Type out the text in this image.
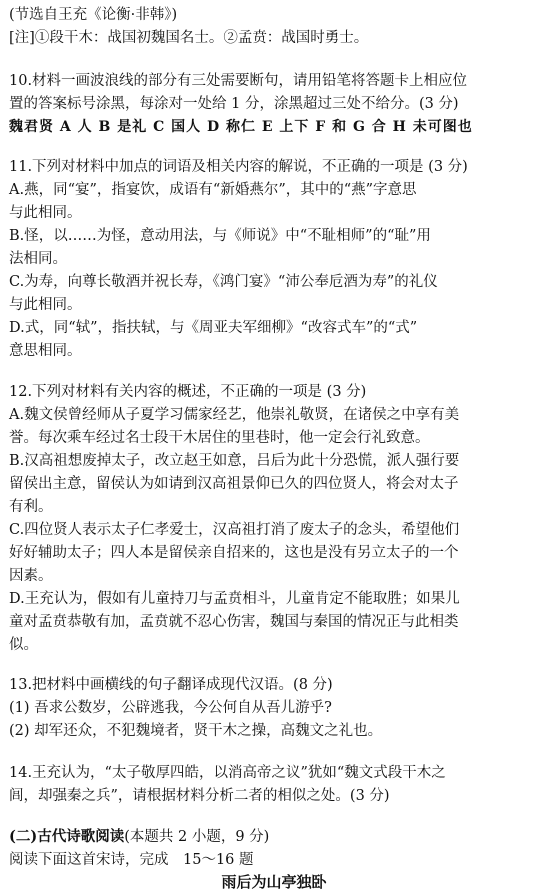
(节选自王充《论衡·非韩》)
[注]①段干木：战国初魏国名士。②孟贲：战国时勇士。
10.材料一画波浪线的部分有三处需要断句，请用铅笔将答题卡上相应位
置的答案标号涂黑，每涂对一处给 1 分，涂黑超过三处不给分。(3 分)
魏君贤 A 人 B 是礼 C 国人 D 称仁 E 上下 F 和 G 合 H 未可图也
11.下列对材料中加点的词语及相关内容的解说，不正确的一项是 (3 分)
A.燕，同“宴”，指宴饮，成语有“新婚燕尔”，其中的“燕”字意思
与此相同。
B.怪，以……为怪，意动用法，与《师说》中“不耻相师”的“耻”用
法相同。
C.为寿，向尊长敬酒并祝长寿，《鸿门宴》“沛公奉卮酒为寿”的礼仪
与此相同。
D.式，同“轼”，指扶轼，与《周亚夫军细柳》“改容式车”的“式”
意思相同。
12.下列对材料有关内容的概述，不正确的一项是 (3 分)
A.魏文侯曾经师从子夏学习儒家经艺，他崇礼敬贤，在诸侯之中享有美
誉。每次乘车经过名士段干木居住的里巷时，他一定会行礼致意。
B.汉高祖想废掉太子，改立赵王如意，吕后为此十分恐慌，派人强行要
留侯出主意，留侯认为如请到汉高祖景仰已久的四位贤人，将会对太子
有利。
C.四位贤人表示太子仁孝爱士，汉高祖打消了废太子的念头，希望他们
好好辅助太子；四人本是留侯亲自招来的，这也是没有另立太子的一个
因素。
D.王充认为，假如有儿童持刀与孟贲相斗，儿童肯定不能取胜；如果儿
童对孟贲恭敬有加，孟贲就不忍心伤害，魏国与秦国的情况正与此相类
似。
13.把材料中画横线的句子翻译成现代汉语。(8 分)
(1) 吾求公数岁，公辟逃我，今公何自从吾儿游乎?
(2) 却军还众，不犯魏境者，贤干木之操，高魏文之礼也。
14.王充认为，“太子敬厚四皓，以消高帝之议”犹如“魏文式段干木之
闾，却强秦之兵”，请根据材料分析二者的相似之处。(3 分)
(二)古代诗歌阅读(本题共 2 小题，9 分)
阅读下面这首宋诗，完成　15～16 题
雨后为山亭独卧
